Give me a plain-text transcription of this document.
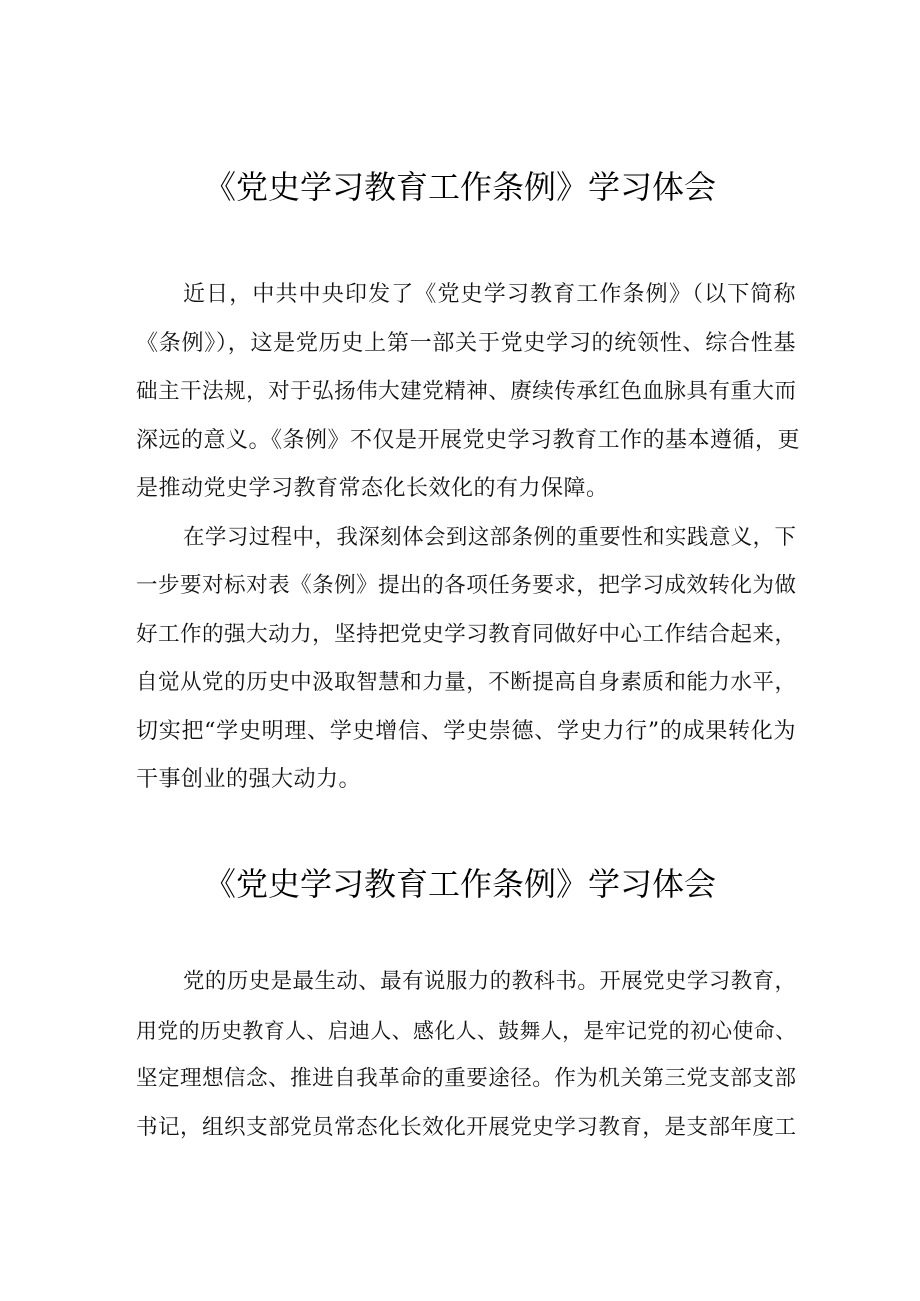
《党史学习教育工作条例》学习体会
近日，中共中央印发了《党史学习教育工作条例》（以下简称
《条例》），这是党历史上第一部关于党史学习的统领性、综合性基
础主干法规，对于弘扬伟大建党精神、赓续传承红色血脉具有重大而
深远的意义。《条例》不仅是开展党史学习教育工作的基本遵循，更
是推动党史学习教育常态化长效化的有力保障。
在学习过程中，我深刻体会到这部条例的重要性和实践意义，下
一步要对标对表《条例》提出的各项任务要求，把学习成效转化为做
好工作的强大动力，坚持把党史学习教育同做好中心工作结合起来，
自觉从党的历史中汲取智慧和力量，不断提高自身素质和能力水平，
切实把“学史明理、学史增信、学史崇德、学史力行”的成果转化为
干事创业的强大动力。
《党史学习教育工作条例》学习体会
党的历史是最生动、最有说服力的教科书。开展党史学习教育，
用党的历史教育人、启迪人、感化人、鼓舞人，是牢记党的初心使命、
坚定理想信念、推进自我革命的重要途径。作为机关第三党支部支部
书记，组织支部党员常态化长效化开展党史学习教育，是支部年度工
